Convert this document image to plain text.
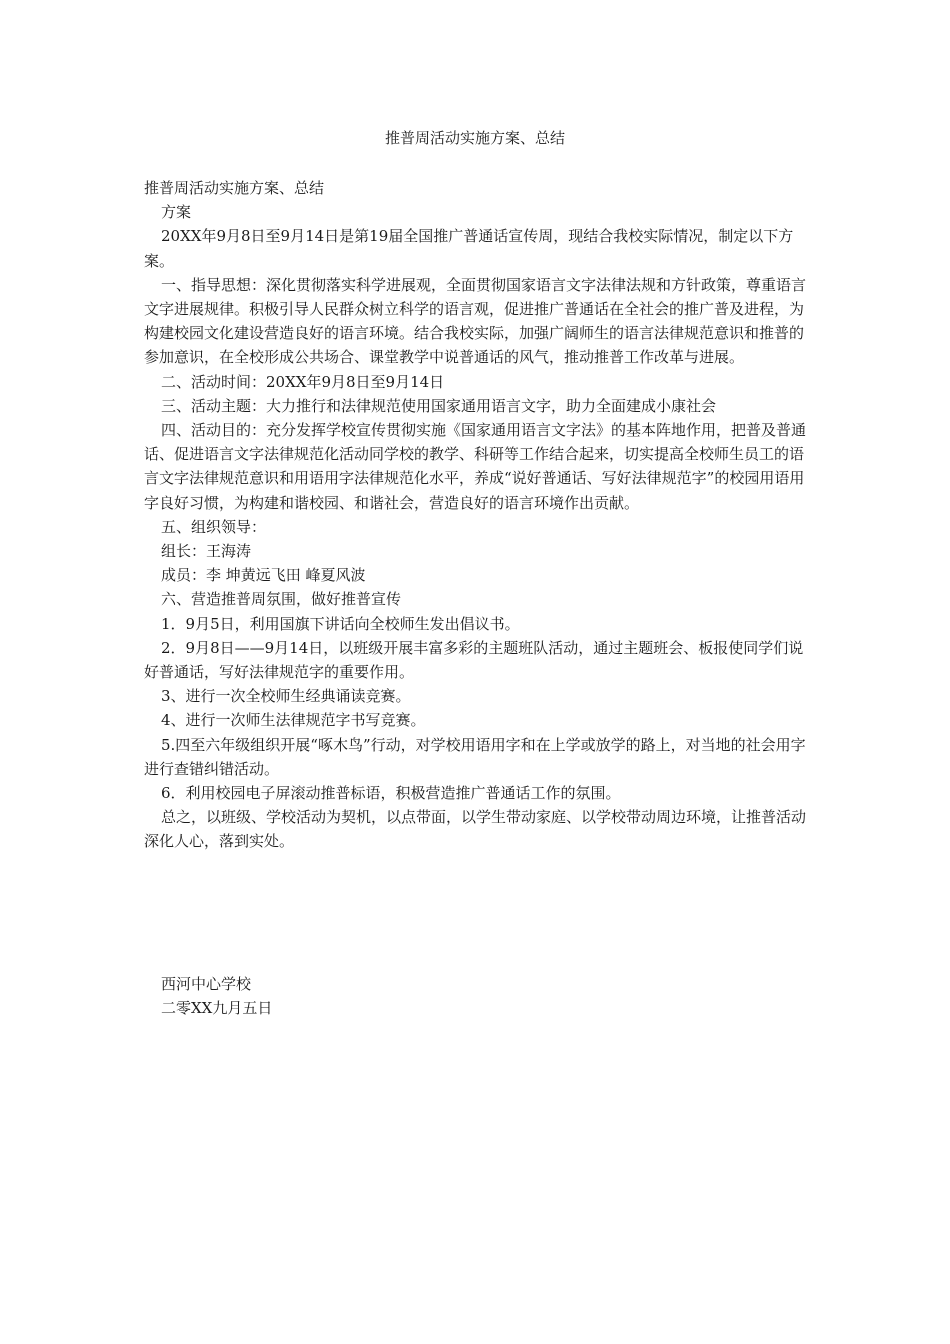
推普周活动实施方案、总结

推普周活动实施方案、总结

方案

20XX年9月8日至9月14日是第19届全国推广普通话宣传周，现结合我校实际情况，制定以下方案。

一、指导思想：深化贯彻落实科学进展观，全面贯彻国家语言文字法律法规和方针政策，尊重语言文字进展规律。积极引导人民群众树立科学的语言观，促进推广普通话在全社会的推广普及进程，为构建校园文化建设营造良好的语言环境。结合我校实际，加强广阔师生的语言法律规范意识和推普的参加意识，在全校形成公共场合、课堂教学中说普通话的风气，推动推普工作改革与进展。

二、活动时间：20XX年9月8日至9月14日

三、活动主题：大力推行和法律规范使用国家通用语言文字，助力全面建成小康社会

四、活动目的：充分发挥学校宣传贯彻实施《国家通用语言文字法》的基本阵地作用，把普及普通话、促进语言文字法律规范化活动同学校的教学、科研等工作结合起来，切实提高全校师生员工的语言文字法律规范意识和用语用字法律规范化水平，养成“说好普通话、写好法律规范字”的校园用语用字良好习惯，为构建和谐校园、和谐社会，营造良好的语言环境作出贡献。

五、组织领导：

组长：王海涛

成员：李 坤黄远飞田 峰夏风波

六、营造推普周氛围，做好推普宣传

1．9月5日，利用国旗下讲话向全校师生发出倡议书。

2．9月8日——9月14日，以班级开展丰富多彩的主题班队活动，通过主题班会、板报使同学们说好普通话，写好法律规范字的重要作用。

3、进行一次全校师生经典诵读竞赛。

4、进行一次师生法律规范字书写竞赛。

5.四至六年级组织开展“啄木鸟”行动，对学校用语用字和在上学或放学的路上，对当地的社会用字进行查错纠错活动。

6．利用校园电子屏滚动推普标语，积极营造推广普通话工作的氛围。

总之，以班级、学校活动为契机，以点带面，以学生带动家庭、以学校带动周边环境，让推普活动深化人心，落到实处。

西河中心学校

二零XX九月五日
